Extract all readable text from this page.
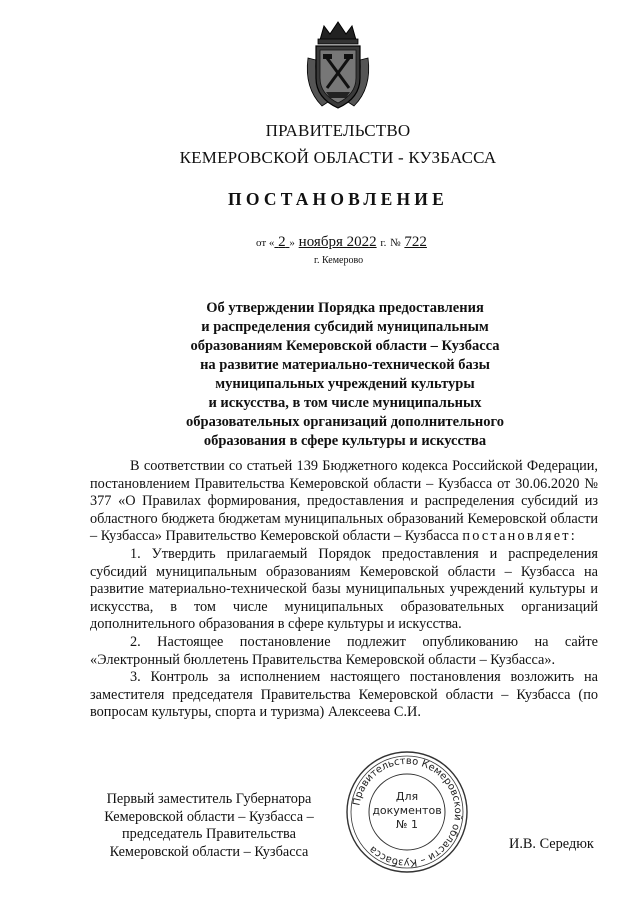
ПРАВИТЕЛЬСТВО
КЕМЕРОВСКОЙ ОБЛАСТИ - КУЗБАССА
ПОСТАНОВЛЕНИЕ
от « 2 » ноября 2022 г. № 722
г. Кемерово
Об утверждении Порядка предоставления
и распределения субсидий муниципальным
образованиям Кемеровской области – Кузбасса
на развитие материально-технической базы
муниципальных учреждений культуры
и искусства, в том числе муниципальных
образовательных организаций дополнительного
образования в сфере культуры и искусства
В соответствии со статьей 139 Бюджетного кодекса Российской Федерации, постановлением Правительства Кемеровской области – Кузбасса от 30.06.2020 № 377 «О Правилах формирования, предоставления и распределения субсидий из областного бюджета бюджетам муниципальных образований Кемеровской области – Кузбасса» Правительство Кемеровской области – Кузбасса постановляет:
1. Утвердить прилагаемый Порядок предоставления и распределения субсидий муниципальным образованиям Кемеровской области – Кузбасса на развитие материально-технической базы муниципальных учреждений культуры и искусства, в том числе муниципальных образовательных организаций дополнительного образования в сфере культуры и искусства.
2. Настоящее постановление подлежит опубликованию на сайте «Электронный бюллетень Правительства Кемеровской области – Кузбасса».
3. Контроль за исполнением настоящего постановления возложить на заместителя председателя Правительства Кемеровской области – Кузбасса (по вопросам культуры, спорта и туризма) Алексеева С.И.
Первый заместитель Губернатора
Кемеровской области – Кузбасса –
председатель Правительства
Кемеровской области – Кузбасса
Правительство Кемеровской области – Кузбасса
Для
документов
№ 1
И.В. Середюк
